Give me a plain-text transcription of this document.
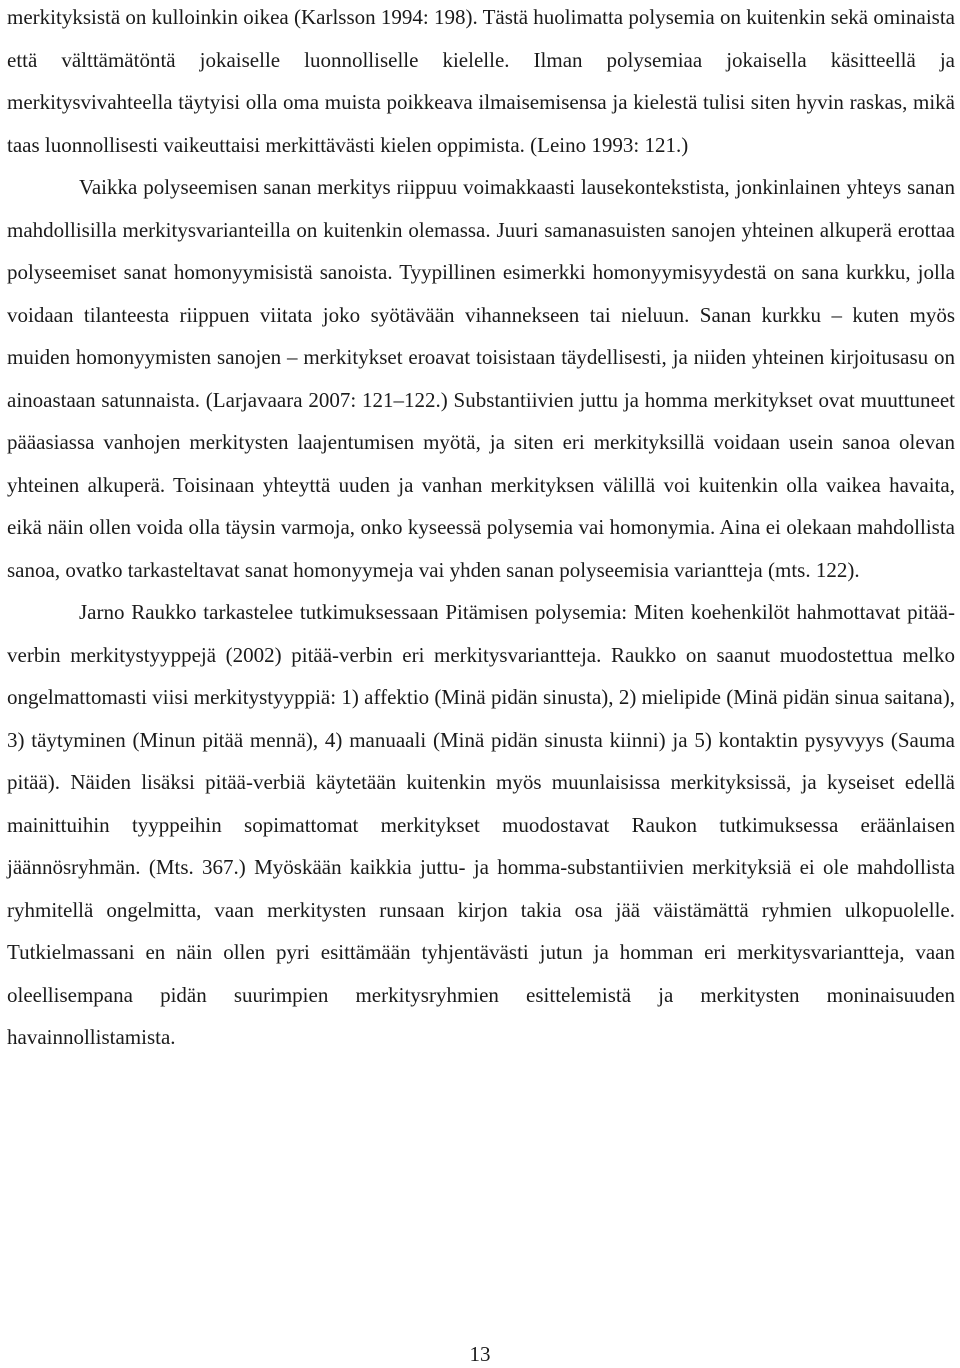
merkityksistä on kulloinkin oikea (Karlsson 1994: 198). Tästä huolimatta polysemia on kuitenkin sekä ominaista että välttämätöntä jokaiselle luonnolliselle kielelle. Ilman polysemiaa jokaisella käsitteellä ja merkitysvivahteella täytyisi olla oma muista poikkeava ilmaisemisensa ja kielestä tulisi siten hyvin raskas, mikä taas luonnollisesti vaikeuttaisi merkittävästi kielen oppimista. (Leino 1993: 121.)

Vaikka polyseemisen sanan merkitys riippuu voimakkaasti lausekontekstista, jonkinlainen yhteys sanan mahdollisilla merkitysvarianteilla on kuitenkin olemassa. Juuri samanasuisten sanojen yhteinen alkuperä erottaa polyseemiset sanat homonyymisistä sanoista. Tyypillinen esimerkki homonyymisyydestä on sana kurkku, jolla voidaan tilanteesta riippuen viitata joko syötävään vihannekseen tai nieluun. Sanan kurkku – kuten myös muiden homonyymisten sanojen – merkitykset eroavat toisistaan täydellisesti, ja niiden yhteinen kirjoitusasu on ainoastaan satunnaista. (Larjavaara 2007: 121–122.) Substantiivien juttu ja homma merkitykset ovat muuttuneet pääasiassa vanhojen merkitysten laajentumisen myötä, ja siten eri merkityksillä voidaan usein sanoa olevan yhteinen alkuperä. Toisinaan yhteyttä uuden ja vanhan merkityksen välillä voi kuitenkin olla vaikea havaita, eikä näin ollen voida olla täysin varmoja, onko kyseessä polysemia vai homonymia. Aina ei olekaan mahdollista sanoa, ovatko tarkasteltavat sanat homonyymeja vai yhden sanan polyseemisia variantteja (mts. 122).

Jarno Raukko tarkastelee tutkimuksessaan Pitämisen polysemia: Miten koehenkilöt hahmottavat pitää-verbin merkitystyyppejä (2002) pitää-verbin eri merkitysvariantteja. Raukko on saanut muodostettua melko ongelmattomasti viisi merkitystyyppiä: 1) affektio (Minä pidän sinusta), 2) mielipide (Minä pidän sinua saitana), 3) täytyminen (Minun pitää mennä), 4) manuaali (Minä pidän sinusta kiinni) ja 5) kontaktin pysyvyys (Sauma pitää). Näiden lisäksi pitää-verbiä käytetään kuitenkin myös muunlaisissa merkityksissä, ja kyseiset edellä mainittuihin tyyppeihin sopimattomat merkitykset muodostavat Raukon tutkimuksessa eräänlaisen jäännösryhmän. (Mts. 367.) Myöskään kaikkia juttu- ja homma-substantiivien merkityksiä ei ole mahdollista ryhmitellä ongelmitta, vaan merkitysten runsaan kirjon takia osa jää väistämättä ryhmien ulkopuolelle. Tutkielmassani en näin ollen pyri esittämään tyhjentävästi jutun ja homman eri merkitysvariantteja, vaan oleellisempana pidän suurimpien merkitysryhmien esittelemistä ja merkitysten moninaisuuden havainnollistamista.

13
